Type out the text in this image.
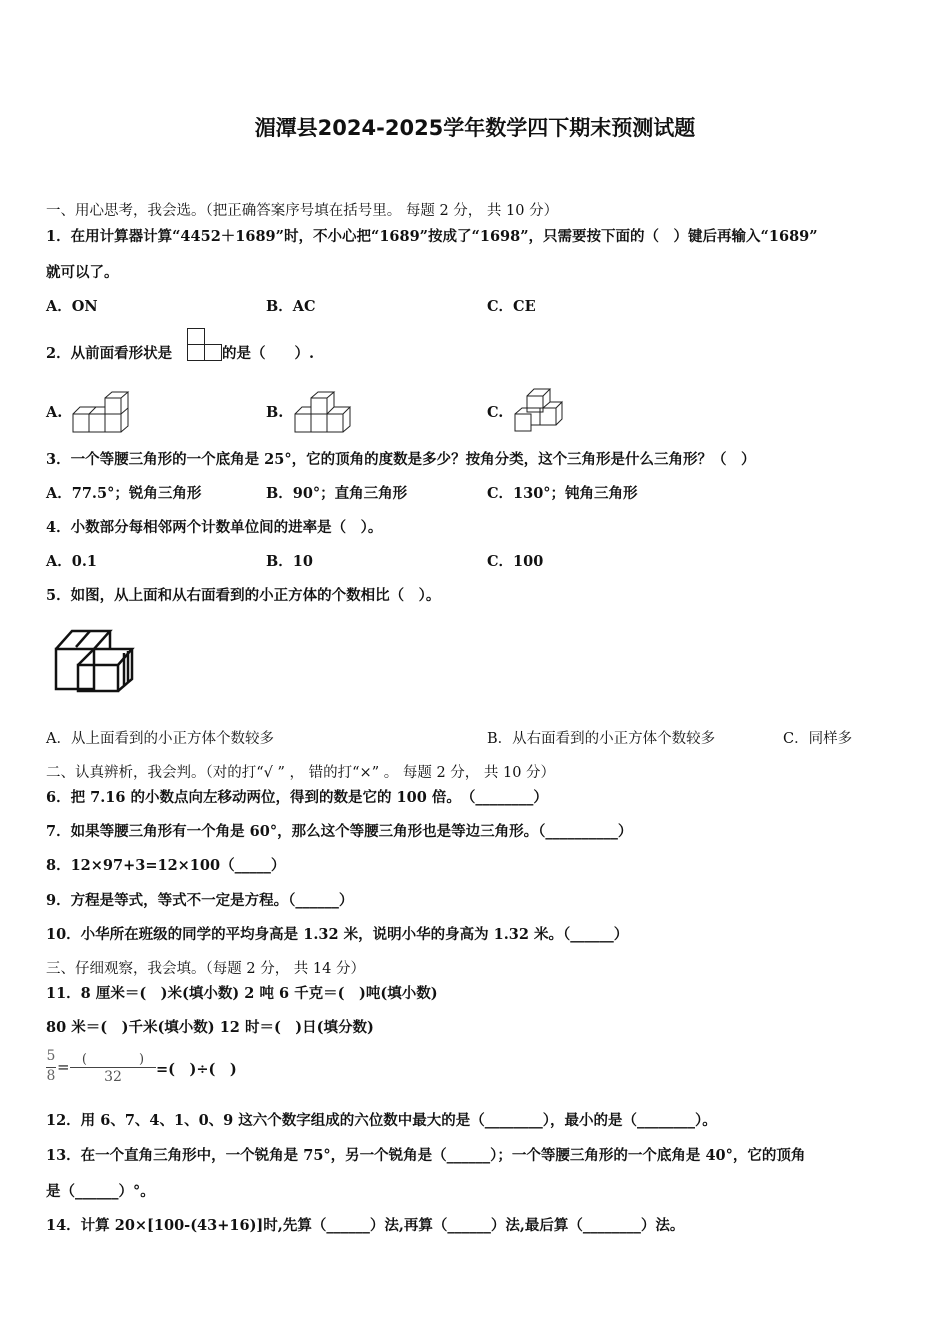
湄潭县2024-2025学年数学四下期末预测试题
一、用心思考，我会选。（把正确答案序号填在括号里。 每题 2 分， 共 10 分）
1．在用计算器计算“4452＋1689”时，不小心把“1689”按成了“1698”，只需要按下面的（　）键后再输入“1689”
就可以了。
A．ON	B．AC	C．CE
2．从前面看形状是	的是（　　）.
A.	B.	C.
3．一个等腰三角形的一个底角是 25°，它的顶角的度数是多少？按角分类，这个三角形是什么三角形？（　）
A．77.5°；锐角三角形	B．90°；直角三角形	C．130°；钝角三角形
4．小数部分每相邻两个计数单位间的进率是（　）。
A．0.1	B．10	C．100
5．如图，从上面和从右面看到的小正方体的个数相比（　）。
A．从上面看到的小正方体个数较多	B．从右面看到的小正方体个数较多	C．同样多
二、认真辨析，我会判。（对的打“√ ” ， 错的打“×” 。 每题 2 分， 共 10 分）
6．把 7.16 的小数点向左移动两位，得到的数是它的 100 倍。　（________）
7．如果等腰三角形有一个角是 60°，那么这个等腰三角形也是等边三角形。（__________）
8．12×97+3=12×100（_____）
9．方程是等式，等式不一定是方程。（______）
10．小华所在班级的同学的平均身高是 1.32 米，说明小华的身高为 1.32 米。（______）
三、仔细观察，我会填。（每题 2 分， 共 14 分）
11．8 厘米＝(　)米(填小数) 2 吨 6 千克＝(　)吨(填小数)
80 米＝(　)千米(填小数) 12 时＝(　)日(填分数)
5
8 = (　　　　)
32	=(　)÷(　)
12．用 6、7、4、1、0、9 这六个数字组成的六位数中最大的是（________），最小的是（________）。
13．在一个直角三角形中，一个锐角是 75°，另一个锐角是（______）；一个等腰三角形的一个底角是 40°，它的顶角
是（______）°。
14．计算 20×[100-(43+16)]时,先算（______）法,再算（______）法,最后算（________）法。
